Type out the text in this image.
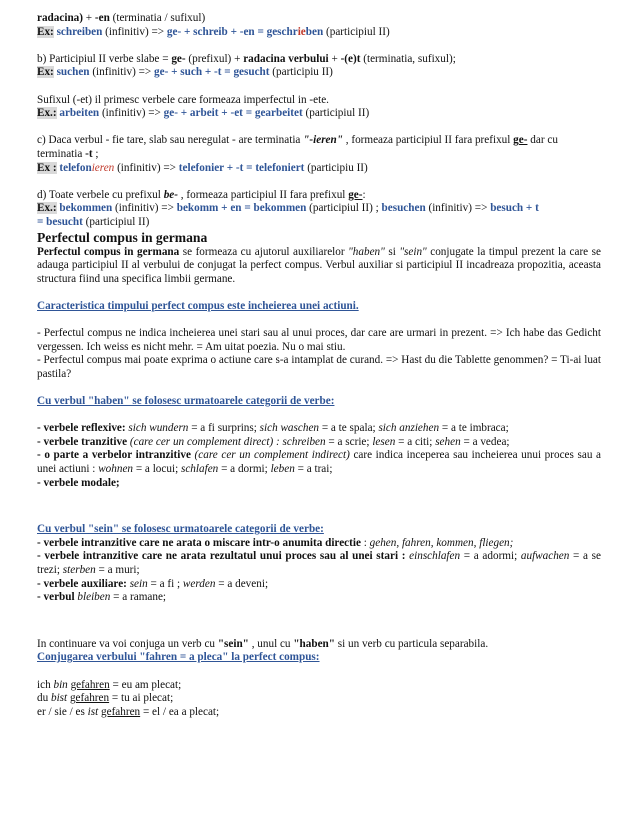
radacina) + -en (terminatia / sufixul)

Ex: schreiben (infinitiv) => ge- + schreib + -en = geschrieben (participiul II)

b) Participiul II verbe slabe = ge- (prefixul) + radacina verbului + -(e)t (terminatia, sufixul);

Ex: suchen (infinitiv) => ge- + such + -t = gesucht (participiu II)

Sufixul (-et) il primesc verbele care formeaza imperfectul in -ete.

Ex.: arbeiten (infinitiv) => ge- + arbeit + -et = gearbeitet (participiul II)

c) Daca verbul - fie tare, slab sau neregulat - are terminatia "-ieren" , formeaza participiul II fara prefixul ge- dar cu terminatia -t ;

Ex : telefonieren (infinitiv) => telefonier + -t = telefoniert (participiu II)

d) Toate verbele cu prefixul be- , formeaza participiul II fara prefixul ge-:

Ex.: bekommen (infinitiv) => bekomm + en = bekommen (participiul II) ; besuchen (infinitiv) => besuch + t
= besucht (participiul II)

Perfectul compus in germana

Perfectul compus in germana se formeaza cu ajutorul auxiliarelor "haben" si "sein" conjugate la timpul prezent la care se adauga participiul II al verbului de conjugat la perfect compus. Verbul auxiliar si participiul II incadreaza propozitia, aceasta structura fiind una specifica limbii germane.

Caracteristica timpului perfect compus este incheierea unei actiuni.

- Perfectul compus ne indica incheierea unei stari sau al unui proces, dar care are urmari in prezent. => Ich habe das Gedicht vergessen. Ich weiss es nicht mehr. = Am uitat poezia. Nu o mai stiu.

- Perfectul compus mai poate exprima o actiune care s-a intamplat de curand. => Hast du die Tablette genommen? = Ti-ai luat pastila?

Cu verbul "haben" se folosesc urmatoarele categorii de verbe:

- verbele reflexive: sich wundern = a fi surprins; sich waschen = a te spala; sich anziehen = a te imbraca;

- verbele tranzitive (care cer un complement direct) : schreiben = a scrie; lesen = a citi; sehen = a vedea;

- o parte a verbelor intranzitive (care cer un complement indirect) care indica inceperea sau incheierea unui proces sau a unei actiuni : wohnen = a locui; schlafen = a dormi; leben = a trai;

- verbele modale;

Cu verbul "sein" se folosesc urmatoarele categorii de verbe:

- verbele intranzitive care ne arata o miscare intr-o anumita directie : gehen, fahren, kommen, fliegen;

- verbele intranzitive care ne arata rezultatul unui proces sau al unei stari : einschlafen = a adormi; aufwachen = a se trezi; sterben = a muri;

- verbele auxiliare: sein = a fi ; werden = a deveni;

- verbul bleiben = a ramane;

In continuare va voi conjuga un verb cu "sein" , unul cu "haben" si un verb cu particula separabila.

Conjugarea verbului "fahren = a pleca" la perfect compus:

ich bin gefahren = eu am plecat;

du bist gefahren = tu ai plecat;

er / sie / es ist gefahren = el / ea a plecat;
